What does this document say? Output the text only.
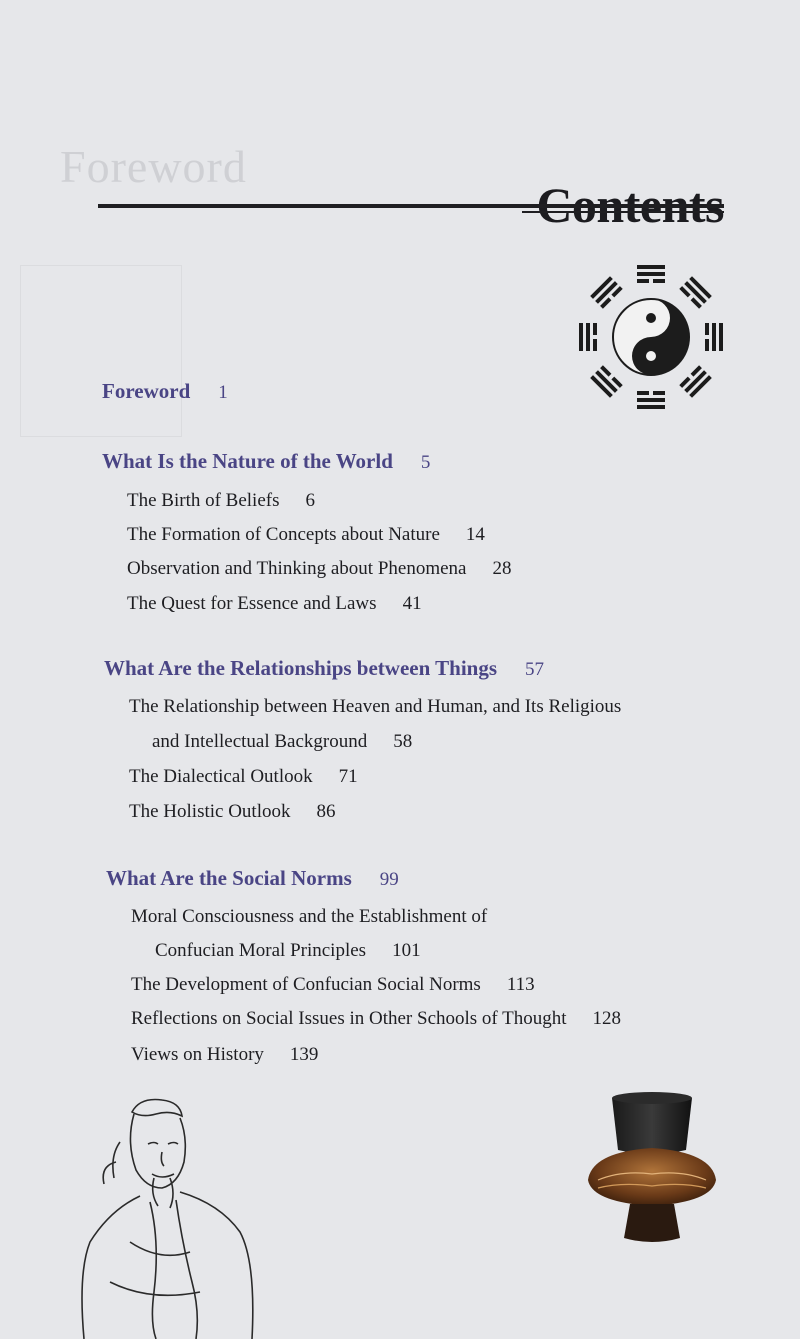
Foreword
Foreword 1
What Is the Nature of the World 5
The Birth of Beliefs 6
The Formation of Concepts about Nature 14
Observation and Thinking about Phenomena 28
The Quest for Essence and Laws 41
What Are the Relationships between Things 57
The Relationship between Heaven and Human, and Its Religious
and Intellectual Background 58
The Dialectical Outlook 71
The Holistic Outlook 86
What Are the Social Norms 99
Moral Consciousness and the Establishment of
Confucian Moral Principles 101
The Development of Confucian Social Norms 113
Reflections on Social Issues in Other Schools of Thought 128
Views on History 139
